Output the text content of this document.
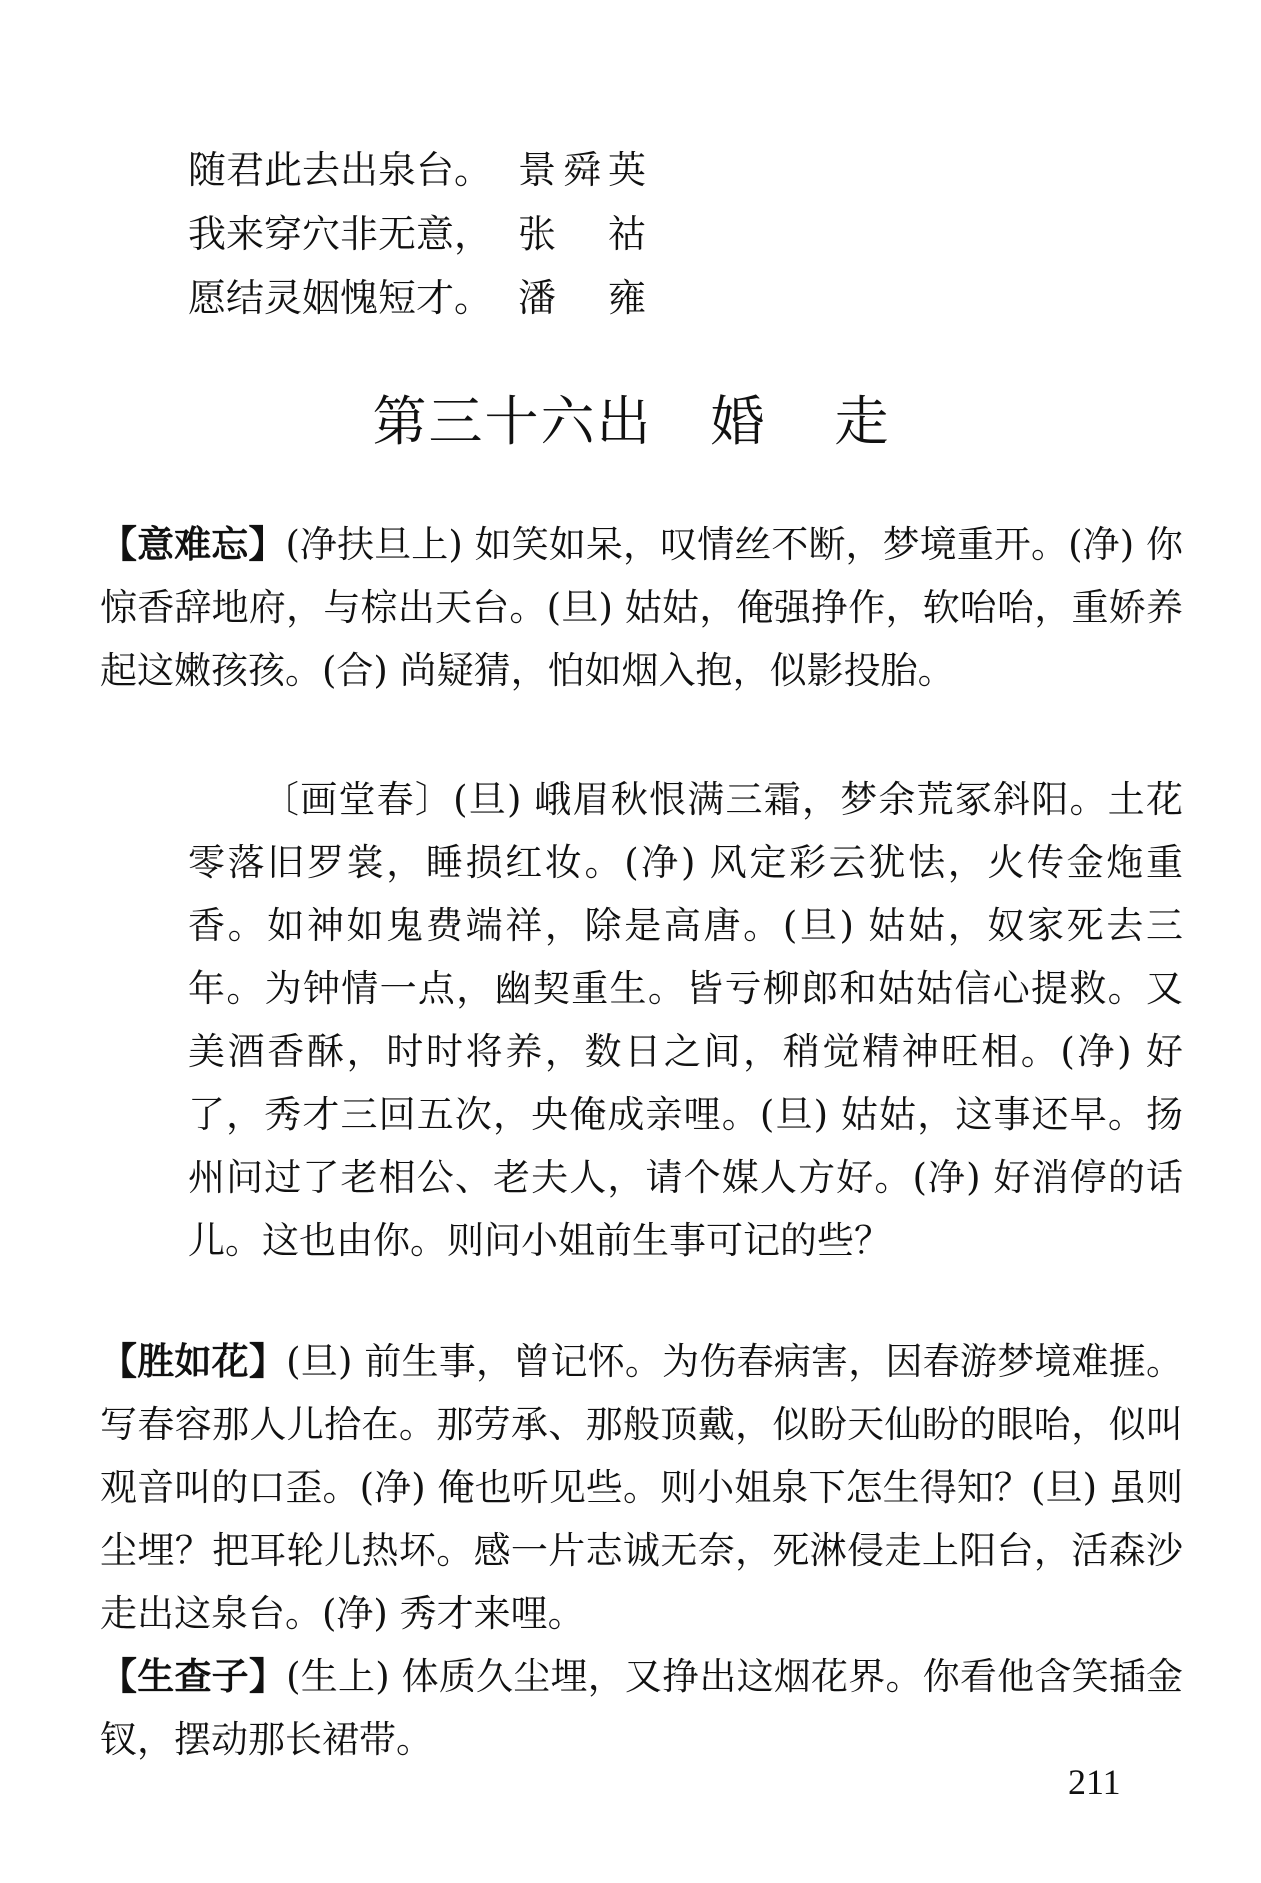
随君此去出泉台。 景舜英
我来穿穴非无意， 张祜
愿结灵姻愧短才。 潘雍
第三十六出 婚走
【意难忘】(净扶旦上) 如笑如呆，叹情丝不断，梦境重开。(净) 你惊香辞地府，与棕出天台。(旦) 姑姑，俺强挣作，软咍咍，重娇养起这嫩孩孩。(合) 尚疑猜，怕如烟入抱，似影投胎。
〔画堂春〕(旦) 峨眉秋恨满三霜，梦余荒冢斜阳。土花零落旧罗裳，睡损红妆。(净) 风定彩云犹怯，火传金炧重香。如神如鬼费端祥，除是高唐。(旦) 姑姑，奴家死去三年。为钟情一点，幽契重生。皆亏柳郎和姑姑信心提救。又美酒香酥，时时将养，数日之间，稍觉精神旺相。(净) 好了，秀才三回五次，央俺成亲哩。(旦) 姑姑，这事还早。扬州问过了老相公、老夫人，请个媒人方好。(净) 好消停的话儿。这也由你。则问小姐前生事可记的些？
【胜如花】(旦) 前生事，曾记怀。为伤春病害，因春游梦境难捱。写春容那人儿拾在。那劳承、那般顶戴，似盼天仙盼的眼咍，似叫观音叫的口歪。(净) 俺也听见些。则小姐泉下怎生得知？(旦) 虽则尘埋？把耳轮儿热坏。感一片志诚无奈，死淋侵走上阳台，活森沙走出这泉台。(净) 秀才来哩。
【生查子】(生上) 体质久尘埋，又挣出这烟花界。你看他含笑插金钗，摆动那长裙带。
211
